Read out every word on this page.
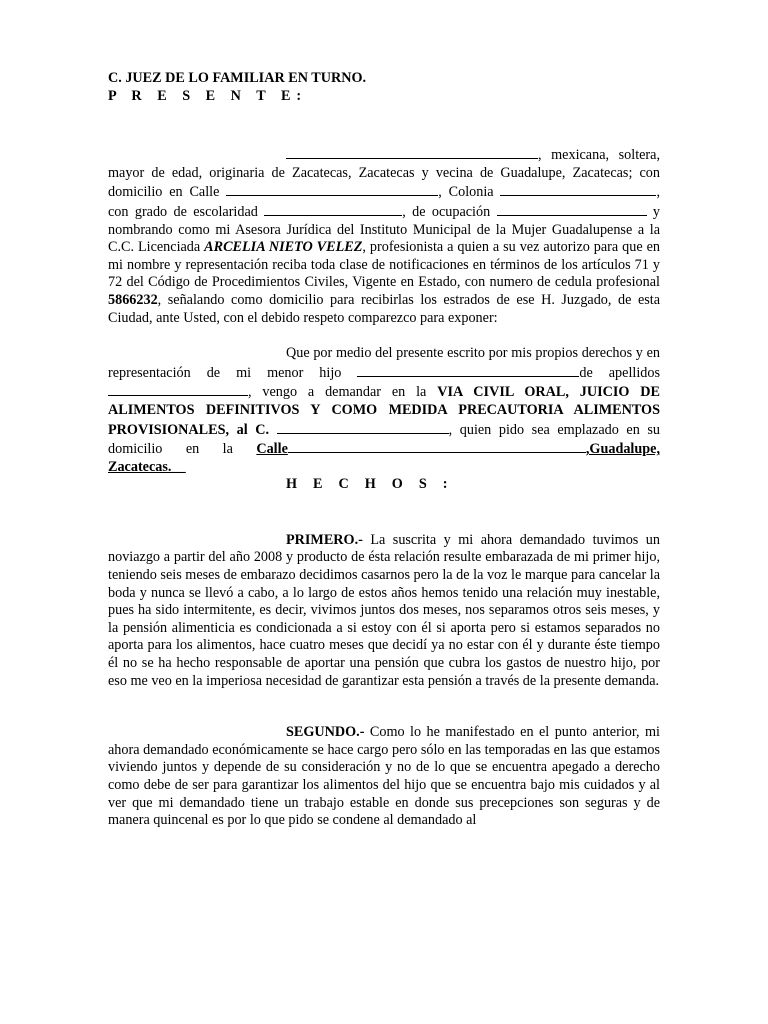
C. JUEZ DE LO FAMILIAR EN TURNO.

P R E S E N T E:

, mexicana, soltera, mayor de edad, originaria de Zacatecas, Zacatecas y vecina de Guadalupe, Zacatecas; con domicilio en Calle	, Colonia	, con grado de escolaridad	, de ocupación	y nombrando como mi Asesora Jurídica del Instituto Municipal de la Mujer Guadalupense a la C.C. Licenciada ARCELIA NIETO VELEZ, profesionista a quien a su vez autorizo para que en mi nombre y representación reciba toda clase de notificaciones en términos de los artículos 71 y 72 del Código de Procedimientos Civiles, Vigente en Estado, con numero de cedula profesional 5866232, señalando como domicilio para recibirlas los estrados de ese H. Juzgado, de esta Ciudad, ante Usted, con el debido respeto comparezco para exponer:

Que por medio del presente escrito por mis propios derechos y en representación de mi menor hijo	de apellidos , vengo a demandar en la VIA CIVIL ORAL, JUICIO DE ALIMENTOS DEFINITIVOS Y COMO MEDIDA PRECAUTORIA ALIMENTOS PROVISIONALES, al C.	, quien pido sea emplazado en su domicilio en la Calle	,Guadalupe, Zacatecas.__

HECHOS:

PRIMERO.- La suscrita y mi ahora demandado tuvimos un noviazgo a partir del año 2008 y producto de ésta relación resulte embarazada de mi primer hijo, teniendo seis meses de embarazo decidimos casarnos pero la de la voz le marque para cancelar la boda y nunca se llevó a cabo, a lo largo de estos años hemos tenido una relación muy inestable, pues ha sido intermitente, es decir, vivimos juntos dos meses, nos separamos otros seis meses, y la pensión alimenticia es condicionada a si estoy con él si aporta pero si estamos separados no aporta para los alimentos, hace cuatro meses que decidí ya no estar con él y durante éste tiempo él no se ha hecho responsable de aportar una pensión que cubra los gastos de nuestro hijo, por eso me veo en la imperiosa necesidad de garantizar esta pensión a través de la presente demanda.

SEGUNDO.- Como lo he manifestado en el punto anterior, mi ahora demandado económicamente se hace cargo pero sólo en las temporadas en las que estamos viviendo juntos y depende de su consideración y no de lo que se encuentra apegado a derecho como debe de ser para garantizar los alimentos del hijo que se encuentra bajo mis cuidados y al ver que mi demandado tiene un trabajo estable en donde sus precepciones son seguras y de manera quincenal es por lo que pido se condene al demandado al
